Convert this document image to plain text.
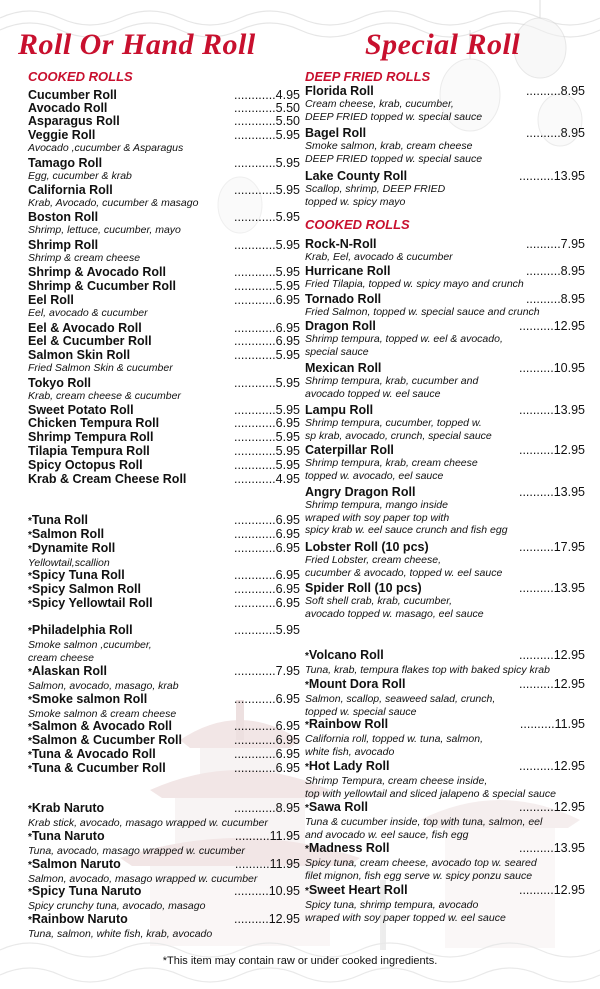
Roll Or Hand Roll	Special Roll
COOKED ROLLS	DEEP FRIED ROLLS
COOKED ROLLS
Cucumber Roll	............4.95
Avocado Roll	............5.50
Asparagus Roll	............5.50
Veggie Roll	............5.95
Avocado ,cucumber & Asparagus
Tamago Roll	............5.95
Egg, cucumber & krab
California Roll	............5.95
Krab, Avocado, cucumber & masago
Boston Roll	............5.95
Shrimp, lettuce, cucumber, mayo
Shrimp Roll	............5.95
Shrimp & cream cheese
Shrimp & Avocado Roll	............5.95
Shrimp & Cucumber Roll	............5.95
Eel Roll	............6.95
Eel, avocado & cucumber
Eel & Avocado Roll	............6.95
Eel & Cucumber Roll	............6.95
Salmon Skin Roll	............5.95
Fried Salmon Skin & cucumber
Tokyo Roll	............5.95
Krab, cream cheese & cucumber
Sweet Potato Roll	............5.95
Chicken Tempura Roll	............6.95
Shrimp Tempura Roll	............5.95
Tilapia Tempura Roll	............5.95
Spicy Octopus Roll	............5.95
Krab & Cream Cheese Roll	............4.95
*Tuna Roll	............6.95
*Salmon Roll	............6.95
*Dynamite Roll	............6.95
Yellowtail,scallion
*Spicy Tuna Roll	............6.95
*Spicy Salmon Roll	............6.95
*Spicy Yellowtail Roll	............6.95
*Philadelphia Roll	............5.95
Smoke salmon ,cucumber,
cream cheese
*Alaskan Roll	............7.95
Salmon, avocado, masago, krab
*Smoke salmon Roll	............6.95
Smoke salmon & cream cheese
*Salmon & Avocado Roll	............6.95
*Salmon & Cucumber Roll	............6.95
*Tuna & Avocado Roll	............6.95
*Tuna & Cucumber Roll	............6.95
*Krab Naruto	............8.95
Krab stick, avocado, masago wrapped w. cucumber
*Tuna Naruto	..........11.95
Tuna, avocado, masago wrapped w. cucumber
*Salmon Naruto	..........11.95
Salmon, avocado, masago wrapped w. cucumber
*Spicy Tuna Naruto	..........10.95
Spicy crunchy tuna, avocado, masago
*Rainbow Naruto	..........12.95
Tuna, salmon, white fish, krab, avocado
Florida Roll	..........8.95
Cream cheese, krab, cucumber,
DEEP FRIED topped w. special sauce
Bagel Roll	..........8.95
Smoke salmon, krab, cream cheese
DEEP FRIED topped w. special sauce
Lake County Roll	..........13.95
Scallop, shrimp, DEEP FRIED
topped w. spicy mayo
Rock-N-Roll	..........7.95
Krab, Eel, avocado & cucumber
Hurricane Roll	..........8.95
Fried Tilapia, topped w. spicy mayo and crunch
Tornado Roll	..........8.95
Fried Salmon, topped w. special sauce and crunch
Dragon Roll	..........12.95
Shrimp tempura, topped w. eel & avocado,
special sauce
Mexican Roll	..........10.95
Shrimp tempura, krab, cucumber and
avocado topped w. eel sauce
Lampu Roll	..........13.95
Shrimp tempura, cucumber, topped w.
sp krab, avocado, crunch, special sauce
Caterpillar Roll	..........12.95
Shrimp tempura, krab, cream cheese
topped w. avocado, eel sauce
Angry Dragon Roll	..........13.95
Shrimp tempura, mango inside
wraped with soy paper top with
spicy krab w. eel sauce crunch and fish egg
Lobster Roll (10 pcs)	..........17.95
Fried Lobster, cream cheese,
cucumber & avocado, topped w. eel sauce
Spider Roll (10 pcs)	..........13.95
Soft shell crab, krab, cucumber,
avocado topped w. masago, eel sauce
*Volcano Roll	..........12.95
Tuna, krab, tempura flakes top with baked spicy krab
*Mount Dora Roll	..........12.95
Salmon, scallop, seaweed salad, crunch,
topped w. special sauce
*Rainbow Roll	..........11.95
California roll, topped w. tuna, salmon,
white fish, avocado
*Hot Lady Roll	..........12.95
Shrimp Tempura, cream cheese inside,
top with yellowtail and sliced jalapeno & special sauce
*Sawa Roll	..........12.95
Tuna & cucumber inside, top with tuna, salmon, eel
and avocado w. eel sauce, fish egg
*Madness Roll	..........13.95
Spicy tuna, cream cheese, avocado top w. seared
filet mignon, fish egg serve w. spicy ponzu sauce
*Sweet Heart Roll	..........12.95
Spicy tuna, shrimp tempura, avocado
wraped with soy paper topped w. eel sauce

*This item may contain raw or under cooked ingredients.
